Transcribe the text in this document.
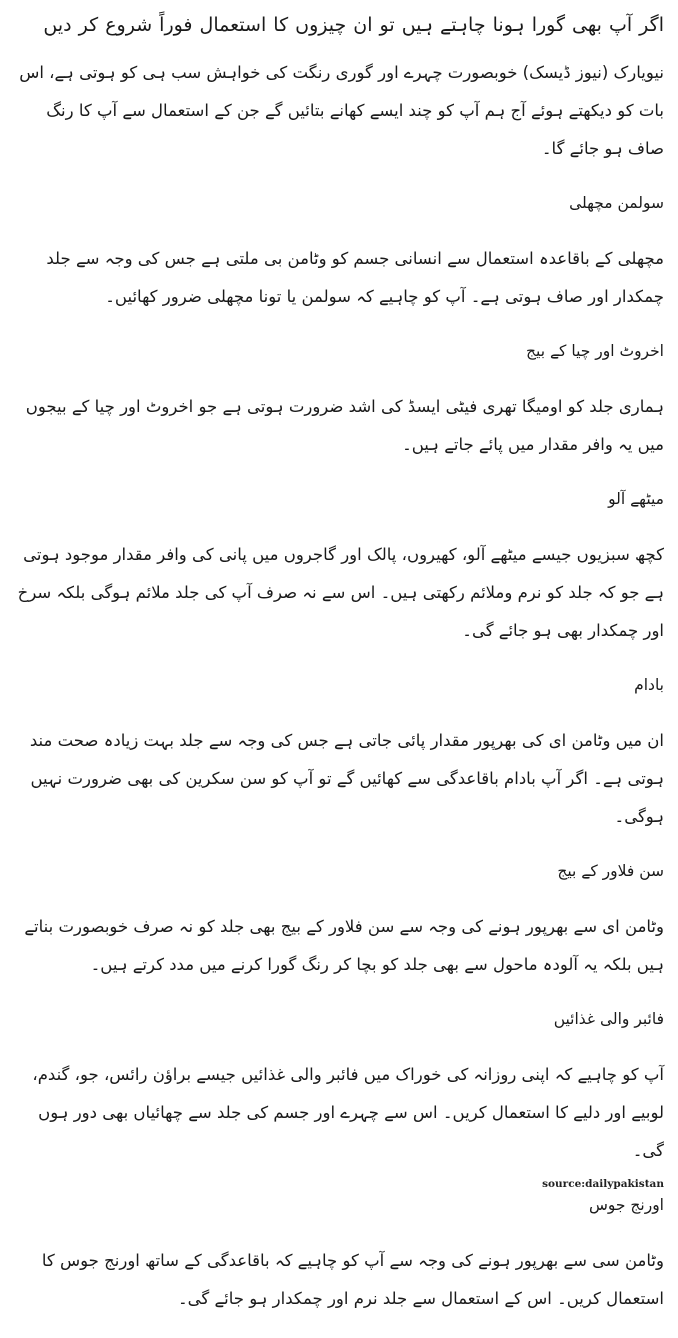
اگر آپ بھی گورا ہونا چاہتے ہیں تو ان چیزوں کا استعمال فوراً شروع کر دیں

نیویارک (نیوز ڈیسک) خوبصورت چہرے اور گوری رنگت کی خواہش سب ہی کو ہوتی ہے، اس بات کو دیکھتے ہوئے آج ہم آپ کو چند ایسے کھانے بتائیں گے جن کے استعمال سے آپ کا رنگ صاف ہو جائے گا۔

سولمن مچھلی

مچھلی کے باقاعدہ استعمال سے انسانی جسم کو وٹامن بی ملتی ہے جس کی وجہ سے جلد چمکدار اور صاف ہوتی ہے۔ آپ کو چاہیے کہ سولمن یا تونا مچھلی ضرور کھائیں۔

اخروٹ اور چیا کے بیج

ہماری جلد کو اومیگا تھری فیٹی ایسڈ کی اشد ضرورت ہوتی ہے جو اخروٹ اور چیا کے بیجوں میں یہ وافر مقدار میں پائے جاتے ہیں۔

میٹھے آلو

کچھ سبزیوں جیسے میٹھے آلو، کھیروں، پالک اور گاجروں میں پانی کی وافر مقدار موجود ہوتی ہے جو کہ جلد کو نرم وملائم رکھتی ہیں۔ اس سے نہ صرف آپ کی جلد ملائم ہوگی بلکہ سرخ اور چمکدار بھی ہو جائے گی۔

بادام

ان میں وٹامن ای کی بھرپور مقدار پائی جاتی ہے جس کی وجہ سے جلد بہت زیادہ صحت مند ہوتی ہے۔ اگر آپ بادام باقاعدگی سے کھائیں گے تو آپ کو سن سکرین کی بھی ضرورت نہیں ہوگی۔

سن فلاور کے بیج

وٹامن ای سے بھرپور ہونے کی وجہ سے سن فلاور کے بیج بھی جلد کو نہ صرف خوبصورت بناتے ہیں بلکہ یہ آلودہ ماحول سے بھی جلد کو بچا کر رنگ گورا کرنے میں مدد کرتے ہیں۔

فائبر والی غذائیں

آپ کو چاہیے کہ اپنی روزانہ کی خوراک میں فائبر والی غذائیں جیسے براؤن رائس، جو، گندم، لوبیے اور دلیے کا استعمال کریں۔ اس سے چہرے اور جسم کی جلد سے چھائیاں بھی دور ہوں گی۔

اورنج جوس

وٹامن سی سے بھرپور ہونے کی وجہ سے آپ کو چاہیے کہ باقاعدگی کے ساتھ اورنج جوس کا استعمال کریں۔ اس کے استعمال سے جلد نرم اور چمکدار ہو جائے گی۔

source:dailypakistan
